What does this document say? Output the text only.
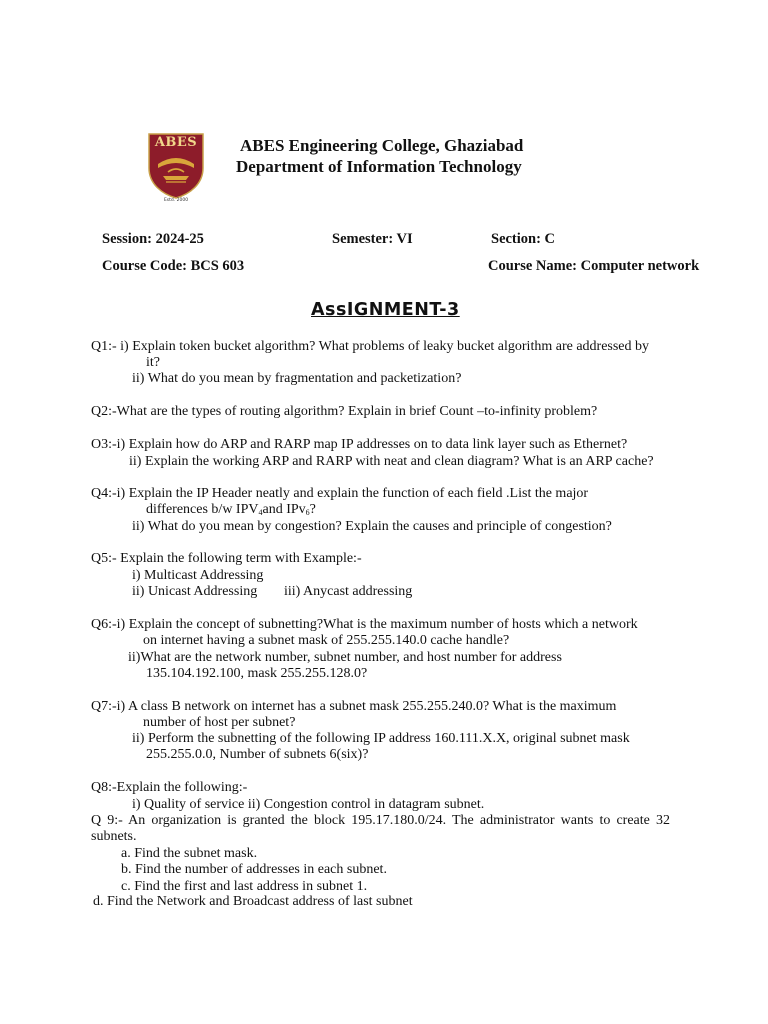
ABES
Estd. 2000
ABES Engineering College, Ghaziabad
Department of Information Technology
Session: 2024-25	Semester: VI	Section: C
Course Code: BCS 603	Course Name: Computer network
AssIGNMENT-3
Q1:- i) Explain token bucket algorithm? What problems of leaky bucket algorithm are addressed by
it?
ii) What do you mean by fragmentation and packetization?
Q2:-What are the types of routing algorithm? Explain in brief Count –to-infinity problem?
O3:-i) Explain how do ARP and RARP map IP addresses on to data link layer such as Ethernet?
ii) Explain the working ARP and RARP with neat and clean diagram? What is an ARP cache?
Q4:-i) Explain the IP Header neatly and explain the function of each field .List the major
differences b/w $IPV_4and$ IPv$_6$?
ii) What do you mean by congestion? Explain the causes and principle of congestion?
Q5:- Explain the following term with Example:-
i) Multicast Addressing
ii) Unicast Addressing iii) Anycast addressing
Q6:-i) Explain the concept of subnetting?What is the maximum number of hosts which a network
on internet having a subnet mask of 255.255.140.0 cache handle?
ii)What are the network number, subnet number, and host number for address
135.104.192.100, mask 255.255.128.0?
Q7:-i) A class B network on internet has a subnet mask 255.255.240.0? What is the maximum
number of host per subnet?
ii) Perform the subnetting of the following IP address 160.111.X.X, original subnet mask
255.255.0.0, Number of subnets 6(six)?
Q8:-Explain the following:-
i) Quality of service ii) Congestion control in datagram subnet.
Q 9:- An organization is granted the block 195.17.180.0/24. The administrator wants to create 32
subnets.
a. Find the subnet mask.
b. Find the number of addresses in each subnet.
c. Find the first and last address in subnet 1.
d. Find the Network and Broadcast address of last subnet
